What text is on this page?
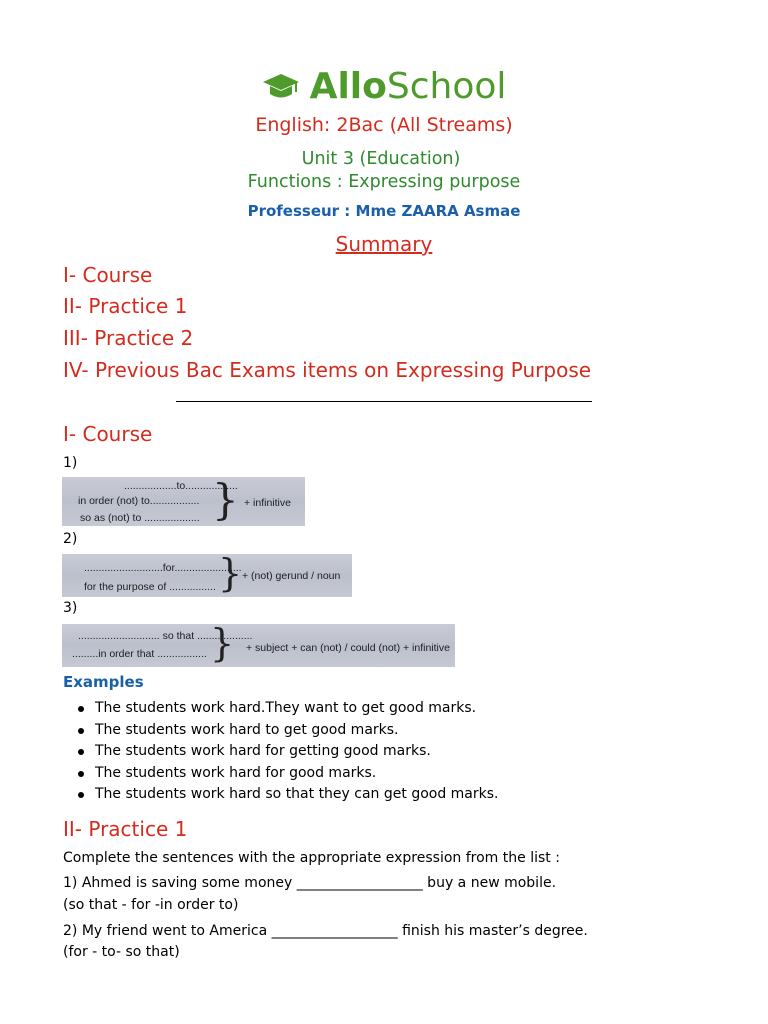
AlloSchool
English: 2Bac (All Streams)
Unit 3 (Education)
Functions : Expressing purpose
Professeur : Mme ZAARA Asmae
Summary
I- Course
II- Practice 1
III- Practice 2
IV- Previous Bac Exams items on Expressing Purpose
I- Course
1)
..................to..................
in order (not) to.................
so as (not) to ................... } + infinitive
2)
...........................for.......................
for the purpose of ................ } + (not) gerund / noun
3)
............................ so that ...................
.........in order that ................. } + subject + can (not) / could (not) + infinitive
Examples
The students work hard.They want to get good marks.
The students work hard to get good marks.
The students work hard for getting good marks.
The students work hard for good marks.
The students work hard so that they can get good marks.
II- Practice 1
Complete the sentences with the appropriate expression from the list :
1) Ahmed is saving some money __________________ buy a new mobile.
(so that - for -in order to)
2) My friend went to America __________________ finish his master’s degree.
(for - to- so that)
